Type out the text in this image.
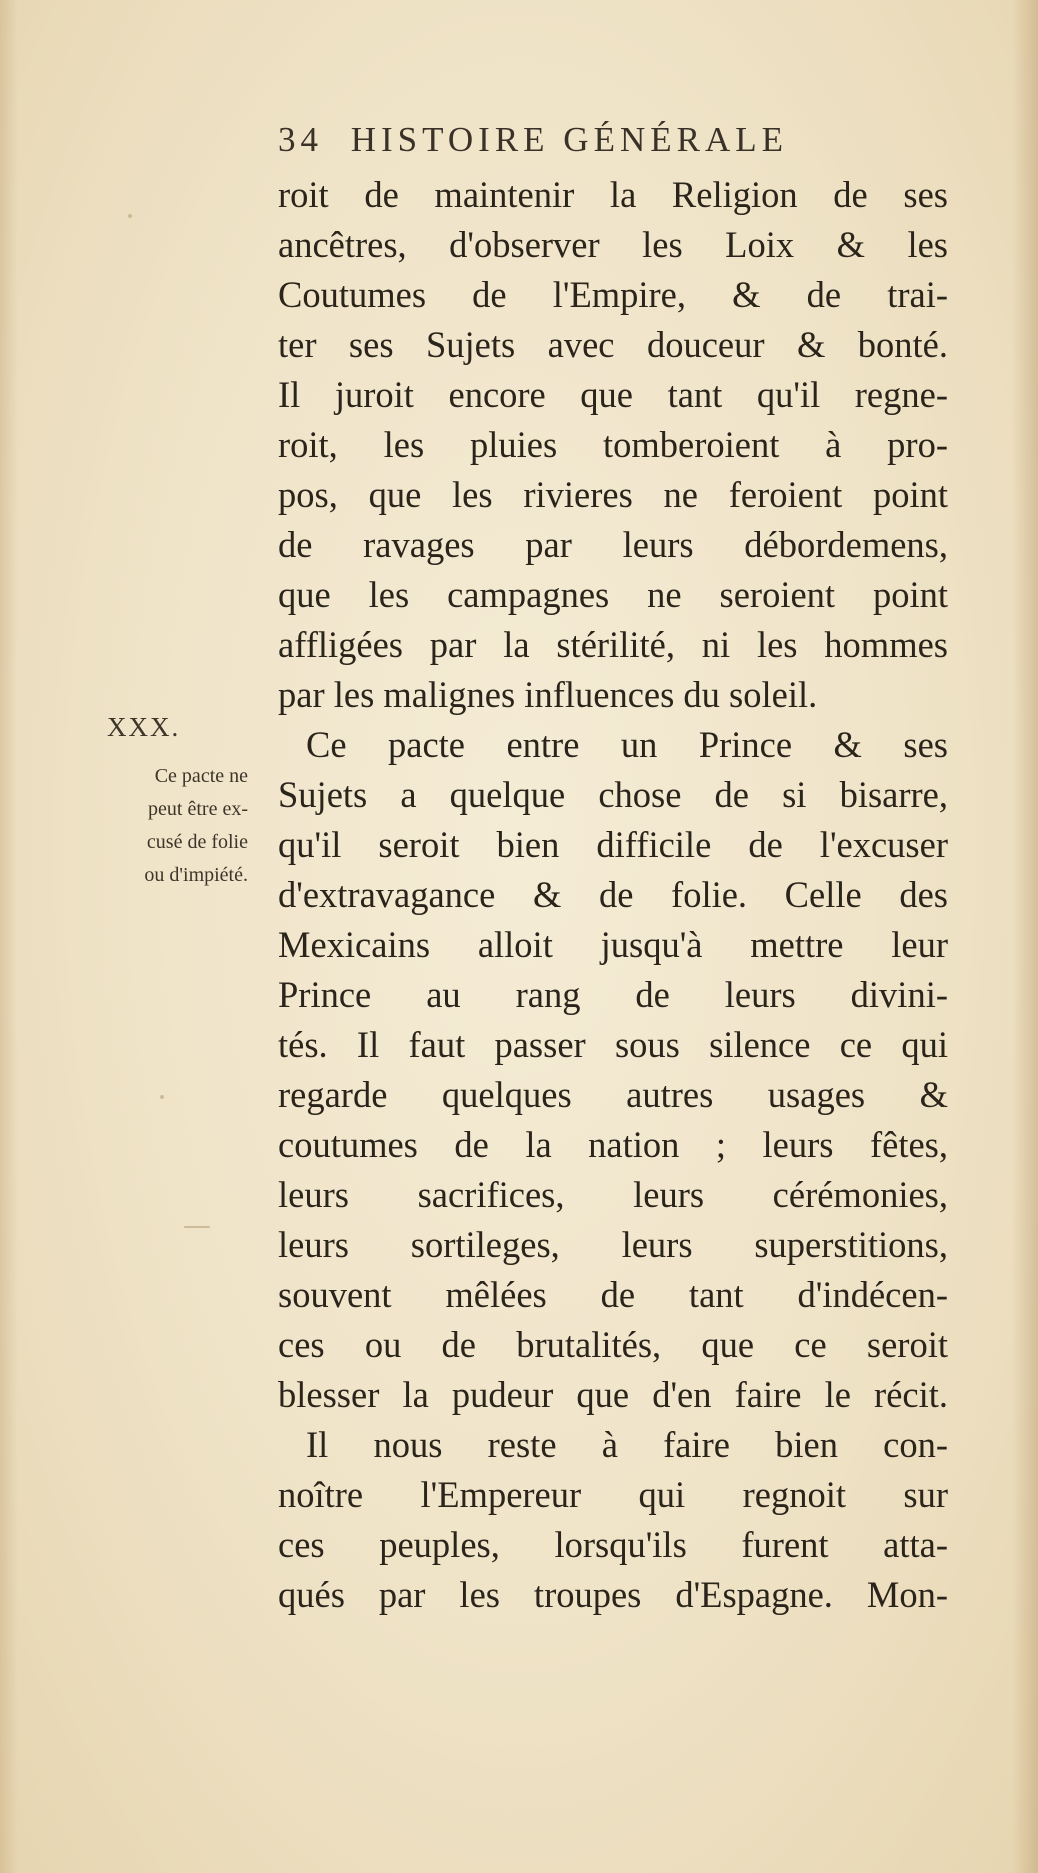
34 HISTOIRE GÉNÉRALE
XXX.
Ce pacte ne
peut être ex-
cusé de folie
ou d'impiété.
roit de maintenir la Religion de ses
ancêtres, d'observer les Loix & les
Coutumes de l'Empire, & de trai-
ter ses Sujets avec douceur & bonté.
Il juroit encore que tant qu'il regne-
roit, les pluies tomberoient à pro-
pos, que les rivieres ne feroient point
de ravages par leurs débordemens,
que les campagnes ne seroient point
affligées par la stérilité, ni les hommes
par les malignes influences du soleil.
Ce pacte entre un Prince & ses
Sujets a quelque chose de si bisarre,
qu'il seroit bien difficile de l'excuser
d'extravagance & de folie. Celle des
Mexicains alloit jusqu'à mettre leur
Prince au rang de leurs divini-
tés. Il faut passer sous silence ce qui
regarde quelques autres usages &
coutumes de la nation ; leurs fêtes,
leurs sacrifices, leurs cérémonies,
leurs sortileges, leurs superstitions,
souvent mêlées de tant d'indécen-
ces ou de brutalités, que ce seroit
blesser la pudeur que d'en faire le récit.
Il nous reste à faire bien con-
noître l'Empereur qui regnoit sur
ces peuples, lorsqu'ils furent atta-
qués par les troupes d'Espagne. Mon-
